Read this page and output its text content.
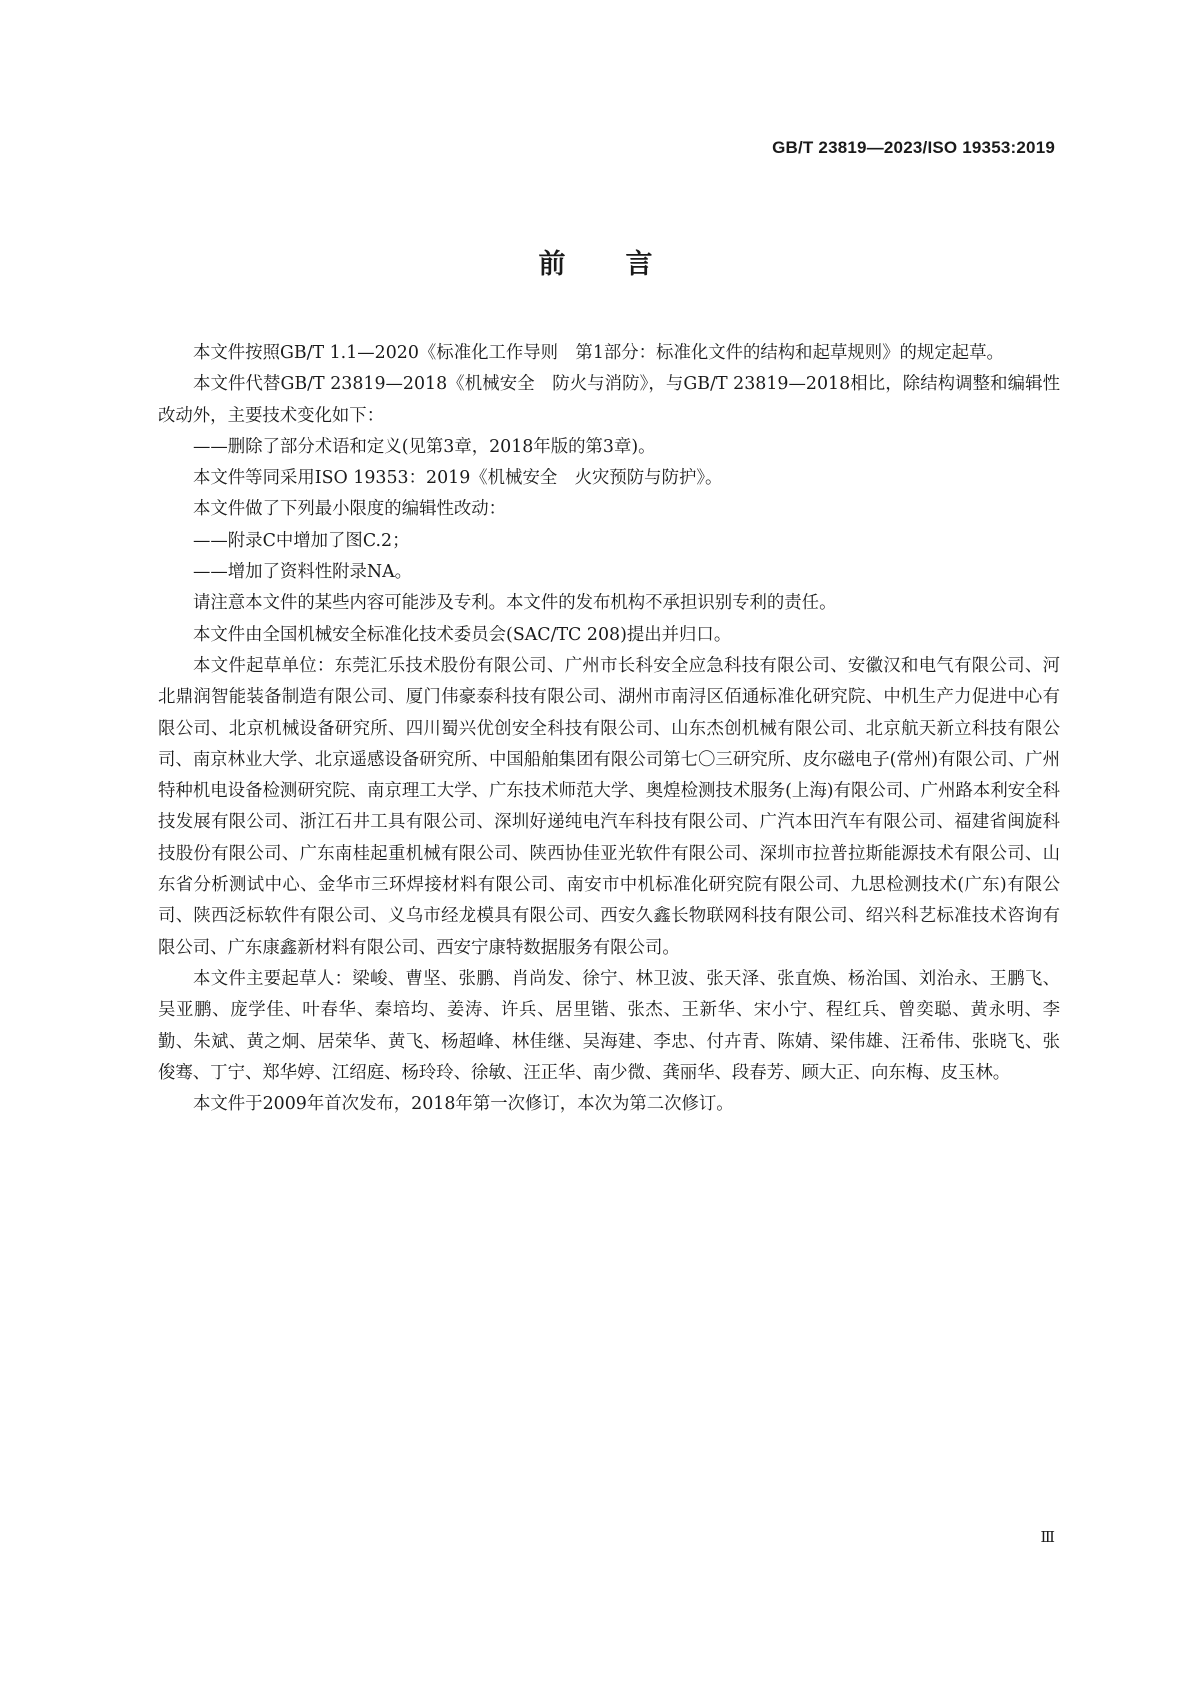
GB/T 23819—2023/ISO 19353:2019
前言

本文件按照GB/T 1.1—2020《标准化工作导则　第1部分：标准化文件的结构和起草规则》的规定起草。

本文件代替GB/T 23819—2018《机械安全　防火与消防》，与GB/T 23819—2018相比，除结构调整和编辑性改动外，主要技术变化如下：

——删除了部分术语和定义(见第3章，2018年版的第3章)。

本文件等同采用ISO 19353：2019《机械安全　火灾预防与防护》。

本文件做了下列最小限度的编辑性改动：

——附录C中增加了图C.2；

——增加了资料性附录NA。

请注意本文件的某些内容可能涉及专利。本文件的发布机构不承担识别专利的责任。

本文件由全国机械安全标准化技术委员会(SAC/TC 208)提出并归口。

本文件起草单位：东莞汇乐技术股份有限公司、广州市长科安全应急科技有限公司、安徽汉和电气有限公司、河北鼎润智能装备制造有限公司、厦门伟豪泰科技有限公司、湖州市南浔区佰通标准化研究院、中机生产力促进中心有限公司、北京机械设备研究所、四川蜀兴优创安全科技有限公司、山东杰创机械有限公司、北京航天新立科技有限公司、南京林业大学、北京遥感设备研究所、中国船舶集团有限公司第七〇三研究所、皮尔磁电子(常州)有限公司、广州特种机电设备检测研究院、南京理工大学、广东技术师范大学、奥煌检测技术服务(上海)有限公司、广州路本利安全科技发展有限公司、浙江石井工具有限公司、深圳好递纯电汽车科技有限公司、广汽本田汽车有限公司、福建省闽旋科技股份有限公司、广东南桂起重机械有限公司、陕西协佳亚光软件有限公司、深圳市拉普拉斯能源技术有限公司、山东省分析测试中心、金华市三环焊接材料有限公司、南安市中机标准化研究院有限公司、九思检测技术(广东)有限公司、陕西泛标软件有限公司、义乌市经龙模具有限公司、西安久鑫长物联网科技有限公司、绍兴科艺标准技术咨询有限公司、广东康鑫新材料有限公司、西安宁康特数据服务有限公司。

本文件主要起草人：梁峻、曹坚、张鹏、肖尚发、徐宁、林卫波、张天泽、张直焕、杨治国、刘治永、王鹏飞、吴亚鹏、庞学佳、叶春华、秦培均、姜涛、许兵、居里锴、张杰、王新华、宋小宁、程红兵、曾奕聪、黄永明、李勤、朱斌、黄之炯、居荣华、黄飞、杨超峰、林佳继、吴海建、李忠、付卉青、陈婧、梁伟雄、汪希伟、张晓飞、张俊骞、丁宁、郑华婷、江绍庭、杨玲玲、徐敏、汪正华、南少微、龚丽华、段春芳、顾大正、向东梅、皮玉林。

本文件于2009年首次发布，2018年第一次修订，本次为第二次修订。

Ⅲ
